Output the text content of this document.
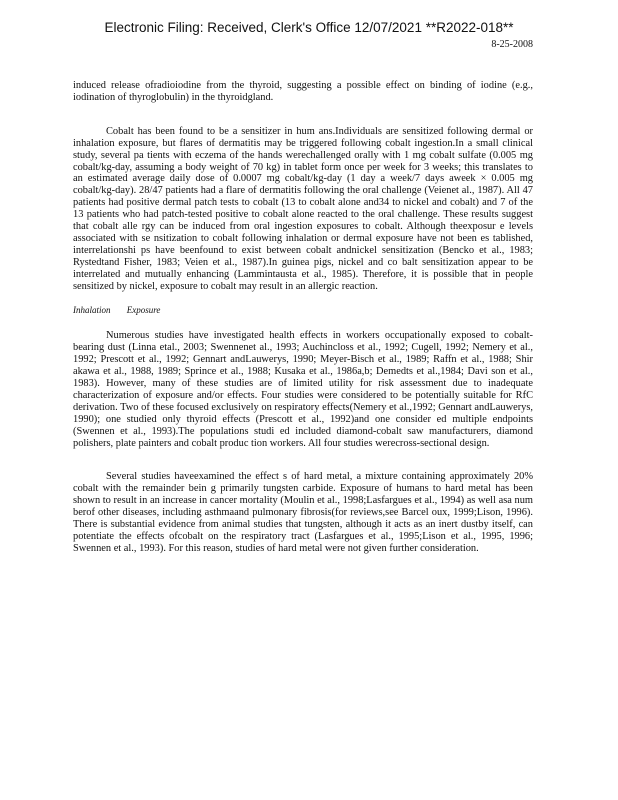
Electronic Filing: Received, Clerk's Office 12/07/2021 **R2022-018**
8-25-2008

induced release ofradioiodine from the thyroid, suggesting a possible effect on binding of iodine (e.g., iodination of thyroglobulin) in the thyroidgland.

Cobalt has been found to be a sensitizer in hum ans.Individuals are sensitized following dermal or inhalation exposure, but flares of dermatitis may be triggered following cobalt ingestion.In a small clinical study, several pa tients with eczema of the hands werechallenged orally with 1 mg cobalt sulfate (0.005 mg cobalt/kg-day, assuming a body weight of 70 kg) in tablet form once per week for 3 weeks; this translates to an estimated average daily dose of 0.0007 mg cobalt/kg-day (1 day a week/7 days aweek × 0.005 mg cobalt/kg-day). 28/47 patients had a flare of dermatitis following the oral challenge (Veienet al., 1987). All 47 patients had positive dermal patch tests to cobalt (13 to cobalt alone and34 to nickel and cobalt) and 7 of the 13 patients who had patch-tested positive to cobalt alone reacted to the oral challenge. These results suggest that cobalt alle rgy can be induced from oral ingestion exposures to cobalt. Although theexposur e levels associated with se nsitization to cobalt following inhalation or dermal exposure have not been es tablished, interrelationshi ps have beenfound to exist between cobalt andnickel sensitization (Bencko et al., 1983; Rystedtand Fisher, 1983; Veien et al., 1987).In guinea pigs, nickel and co balt sensitization appear to be interrelated and mutually enhancing (Lammintausta et al., 1985). Therefore, it is possible that in people sensitized by nickel, exposure to cobalt may result in an allergic reaction.

Inhalation Exposure

Numerous studies have investigated health effects in workers occupationally exposed to cobalt-bearing dust (Linna etal., 2003; Swennenet al., 1993; Auchincloss et al., 1992; Cugell, 1992; Nemery et al., 1992; Prescott et al., 1992; Gennart andLauwerys, 1990; Meyer-Bisch et al., 1989; Raffn et al., 1988; Shir akawa et al., 1988, 1989; Sprince et al., 1988; Kusaka et al., 1986a,b; Demedts et al.,1984; Davi son et al., 1983). However, many of these studies are of limited utility for risk assessment due to inadequate characterization of exposure and/or effects. Four studies were considered to be potentially suitable for RfC derivation. Two of these focused exclusively on respiratory effects(Nemery et al.,1992; Gennart andLauwerys, 1990); one studied only thyroid effects (Prescott et al., 1992)and one consider ed multiple endpoints (Swennen et al., 1993).The populations studi ed included diamond-cobalt saw manufacturers, diamond polishers, plate painters and cobalt produc tion workers. All four studies werecross-sectional design.

Several studies haveexamined the effect s of hard metal, a mixture containing approximately 20% cobalt with the remainder bein g primarily tungsten carbide. Exposure of humans to hard metal has been shown to result in an increase in cancer mortality (Moulin et al., 1998;Lasfargues et al., 1994) as well asa num berof other diseases, including asthmaand pulmonary fibrosis(for reviews,see Barcel oux, 1999;Lison, 1996). There is substantial evidence from animal studies that tungsten, although it acts as an inert dustby itself, can potentiate the effects ofcobalt on the respiratory tract (Lasfargues et al., 1995;Lison et al., 1995, 1996; Swennen et al., 1993). For this reason, studies of hard metal were not given further consideration.
